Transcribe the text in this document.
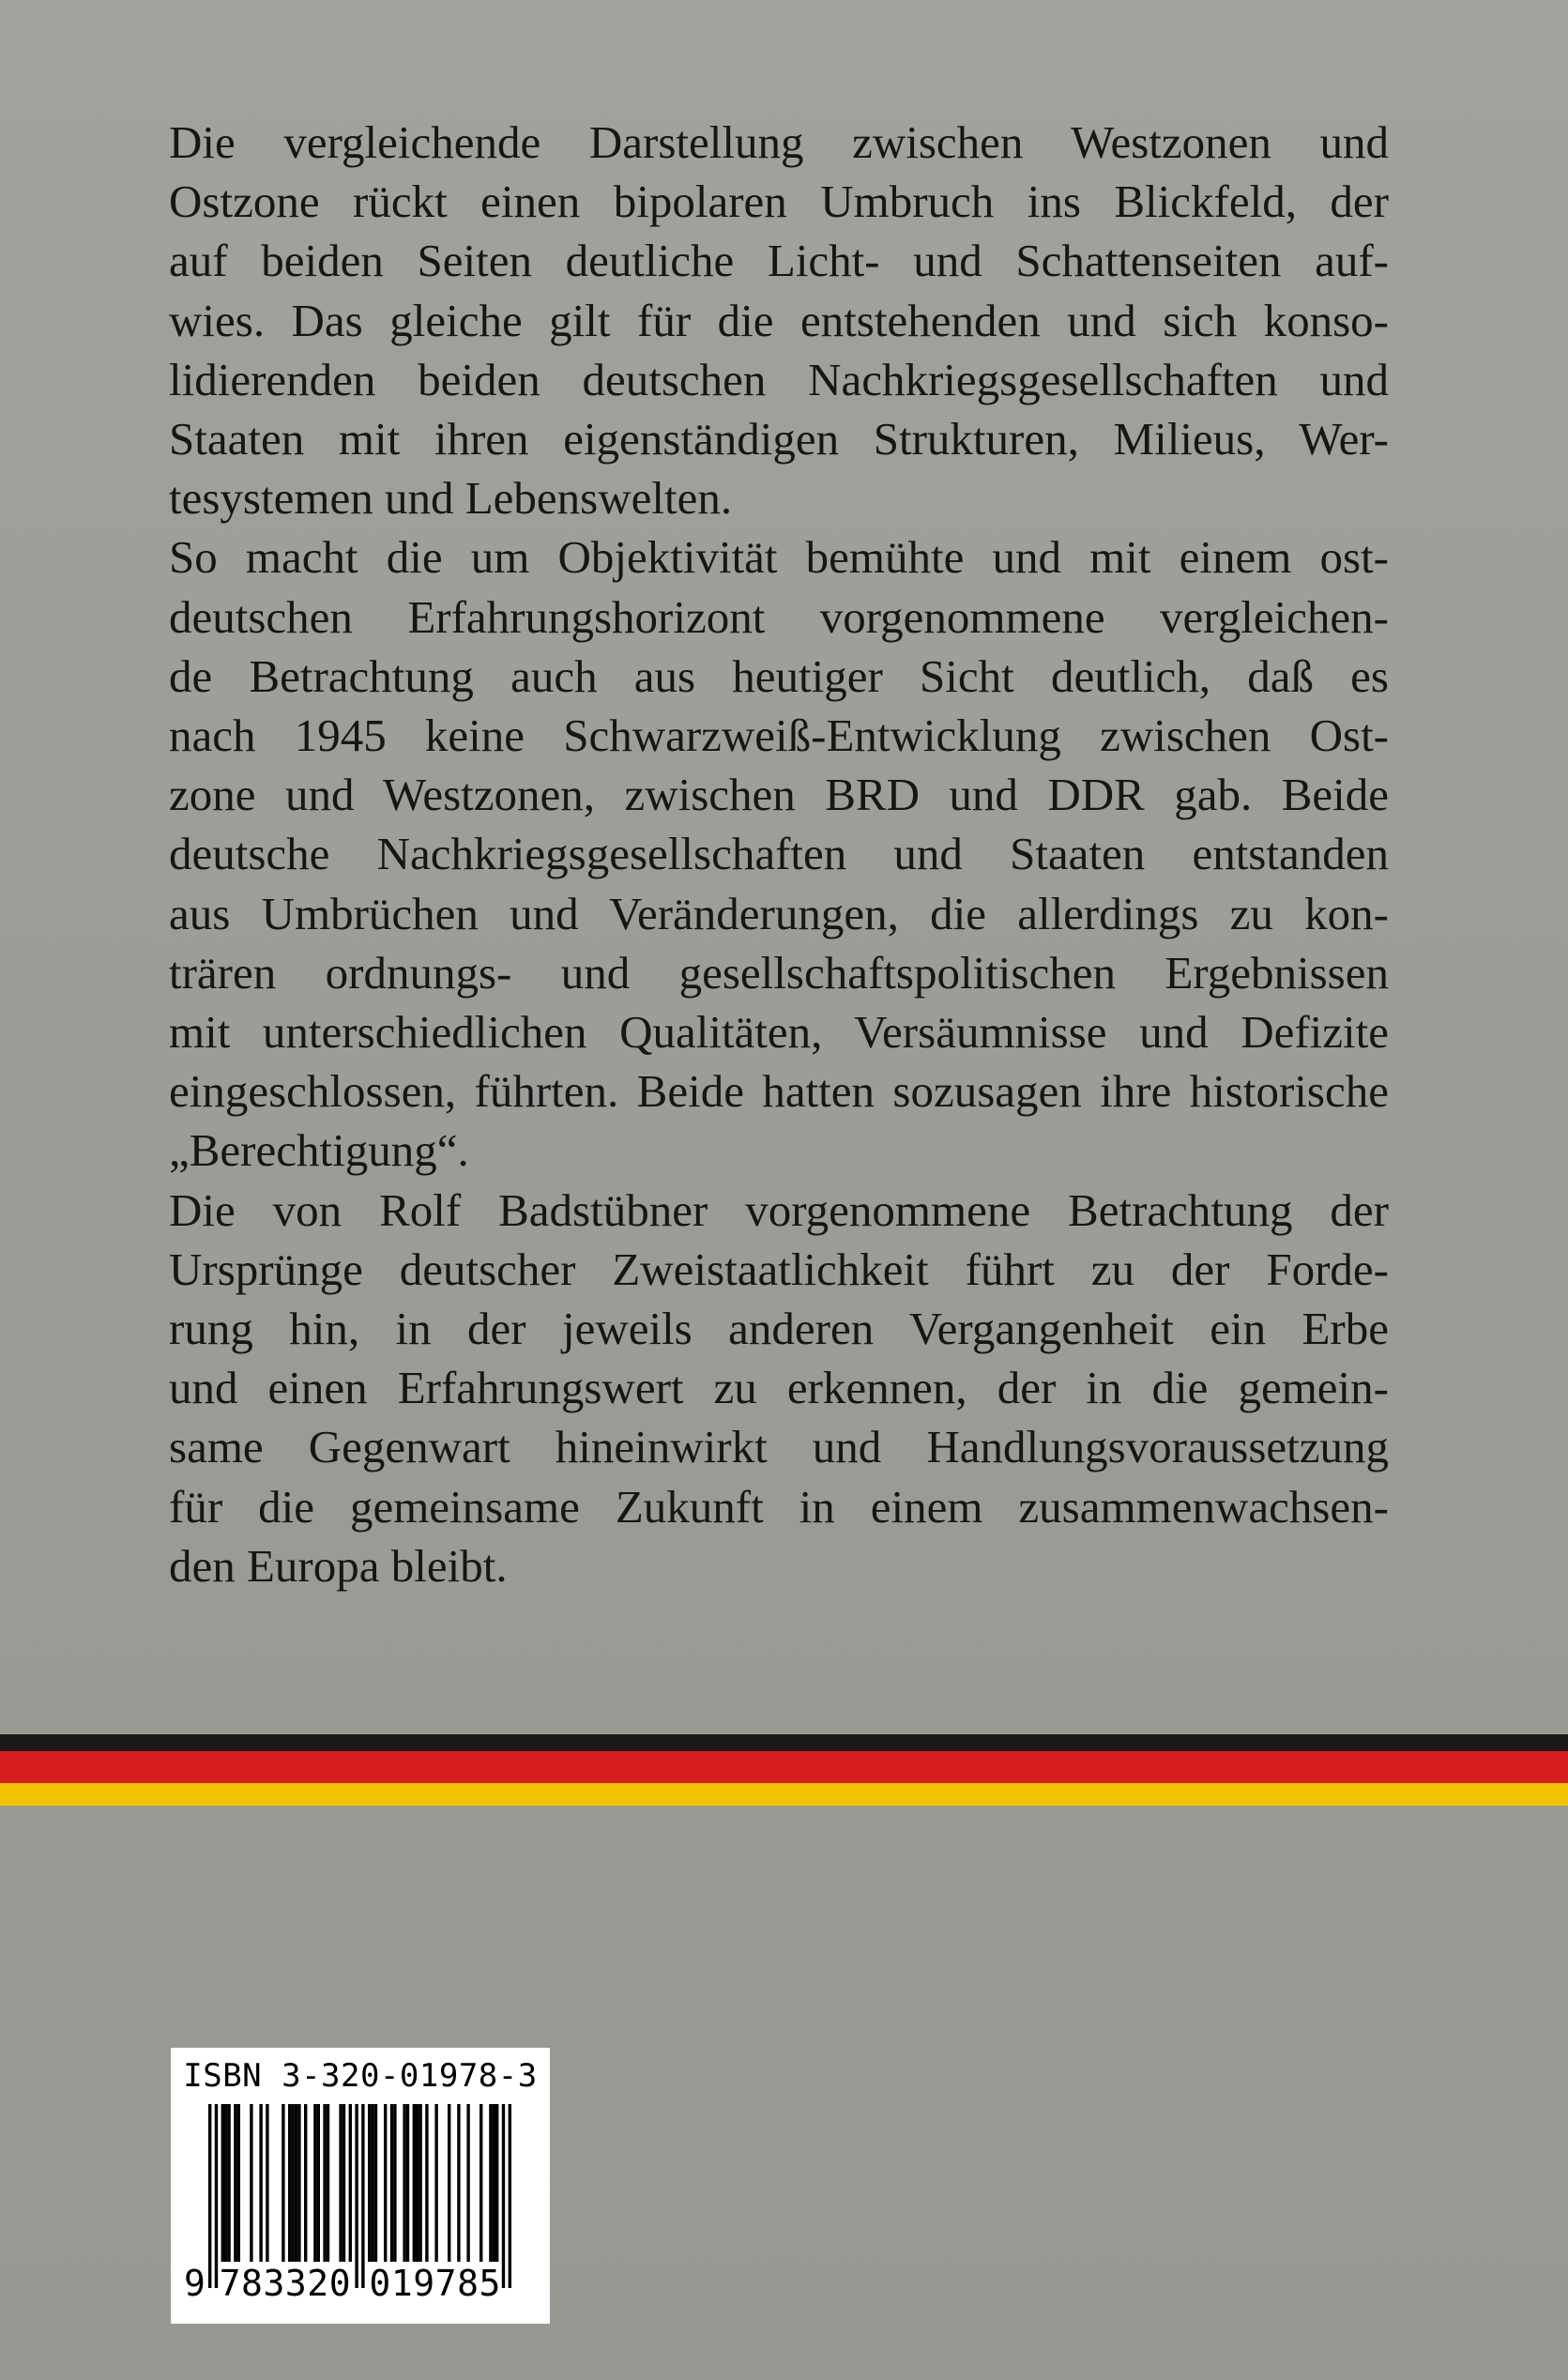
Die vergleichende Darstellung zwischen Westzonen und
Ostzone rückt einen bipolaren Umbruch ins Blickfeld, der
auf beiden Seiten deutliche Licht- und Schattenseiten auf-
wies. Das gleiche gilt für die entstehenden und sich konso-
lidierenden beiden deutschen Nachkriegsgesellschaften und
Staaten mit ihren eigenständigen Strukturen, Milieus, Wer-
tesystemen und Lebenswelten.
So macht die um Objektivität bemühte und mit einem ost-
deutschen Erfahrungshorizont vorgenommene vergleichen-
de Betrachtung auch aus heutiger Sicht deutlich, daß es
nach 1945 keine Schwarzweiß-Entwicklung zwischen Ost-
zone und Westzonen, zwischen BRD und DDR gab. Beide
deutsche Nachkriegsgesellschaften und Staaten entstanden
aus Umbrüchen und Veränderungen, die allerdings zu kon-
trären ordnungs- und gesellschaftspolitischen Ergebnissen
mit unterschiedlichen Qualitäten, Versäumnisse und Defizite
eingeschlossen, führten. Beide hatten sozusagen ihre historische
„Berechtigung“.
Die von Rolf Badstübner vorgenommene Betrachtung der
Ursprünge deutscher Zweistaatlichkeit führt zu der Forde-
rung hin, in der jeweils anderen Vergangenheit ein Erbe
und einen Erfahrungswert zu erkennen, der in die gemein-
same Gegenwart hineinwirkt und Handlungsvoraussetzung
für die gemeinsame Zukunft in einem zusammenwachsen-
den Europa bleibt.
ISBN 3-320-01978-3
9 783320 019785
